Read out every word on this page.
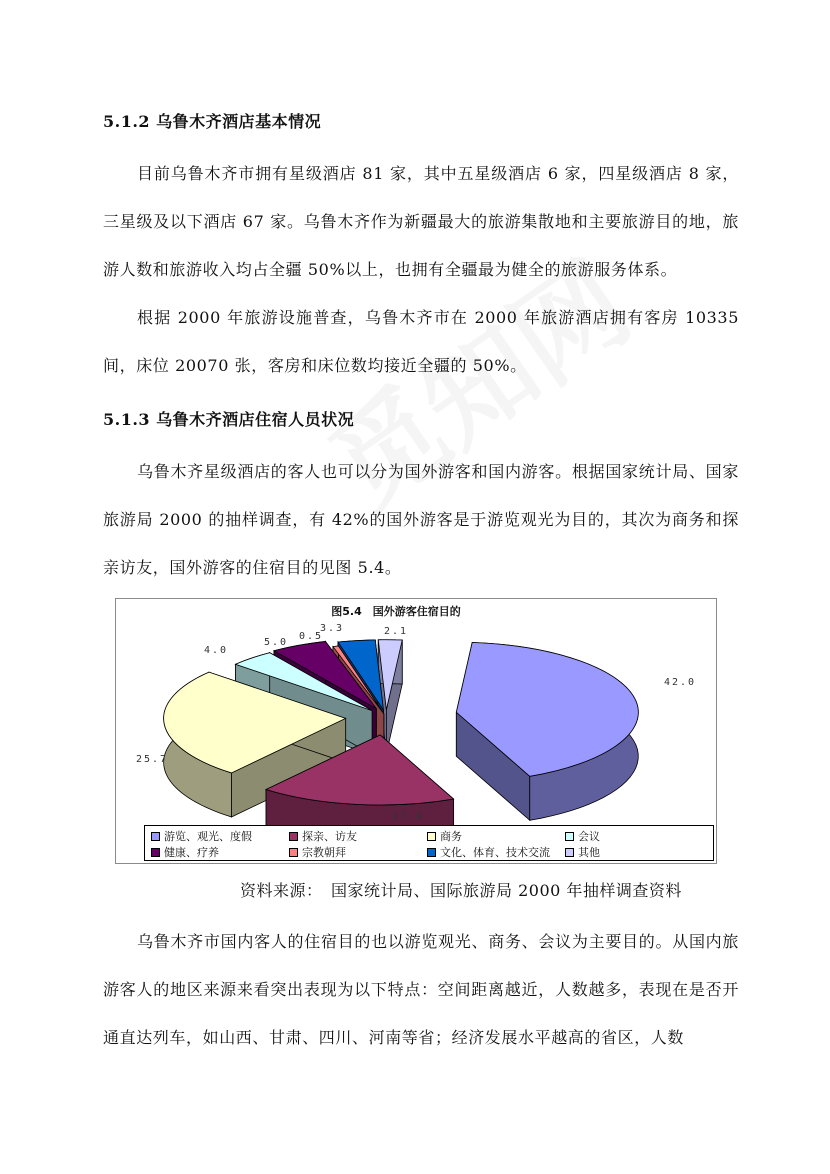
5.1.2 乌鲁木齐酒店基本情况
目前乌鲁木齐市拥有星级酒店 81 家，其中五星级酒店 6 家，四星级酒店 8 家，三星级及以下酒店 67 家。乌鲁木齐作为新疆最大的旅游集散地和主要旅游目的地，旅游人数和旅游收入均占全疆 50%以上，也拥有全疆最为健全的旅游服务体系。
根据 2000 年旅游设施普查，乌鲁木齐市在 2000 年旅游酒店拥有客房 10335 间，床位 20070 张，客房和床位数均接近全疆的 50%。
5.1.3 乌鲁木齐酒店住宿人员状况
乌鲁木齐星级酒店的客人也可以分为国外游客和国内游客。根据国家统计局、国家旅游局 2000 的抽样调查，有 42%的国外游客是于游览观光为目的，其次为商务和探亲访友，国外游客的住宿目的见图 5.4。
42.0
17.4
25.7
4.0
5.0
0.5
3.3	2.1
图5.4　国外游客住宿目的
游览、观光、度假	探亲、访友	商务	会议
健康、疗养	宗教朝拜	文化、体育、技术交流	其他
资料来源：　国家统计局、国际旅游局 2000 年抽样调查资料
乌鲁木齐市国内客人的住宿目的也以游览观光、商务、会议为主要目的。从国内旅游客人的地区来源来看突出表现为以下特点：空间距离越近，人数越多，表现在是否开通直达列车，如山西、甘肃、四川、河南等省；经济发展水平越高的省区，人数
